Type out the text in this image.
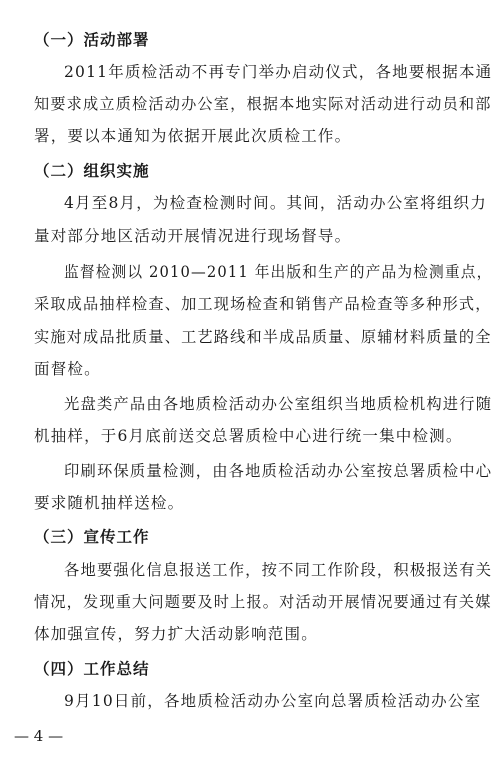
（一）活动部署
2011年质检活动不再专门举办启动仪式，各地要根据本通
知要求成立质检活动办公室，根据本地实际对活动进行动员和部
署，要以本通知为依据开展此次质检工作。
（二）组织实施
4月至8月，为检查检测时间。其间，活动办公室将组织力
量对部分地区活动开展情况进行现场督导。
监督检测以 2010—2011 年出版和生产的产品为检测重点，
采取成品抽样检查、加工现场检查和销售产品检查等多种形式，
实施对成品批质量、工艺路线和半成品质量、原辅材料质量的全
面督检。
光盘类产品由各地质检活动办公室组织当地质检机构进行随
机抽样，于6月底前送交总署质检中心进行统一集中检测。
印刷环保质量检测，由各地质检活动办公室按总署质检中心
要求随机抽样送检。
（三）宣传工作
各地要强化信息报送工作，按不同工作阶段，积极报送有关
情况，发现重大问题要及时上报。对活动开展情况要通过有关媒
体加强宣传，努力扩大活动影响范围。
（四）工作总结
9月10日前，各地质检活动办公室向总署质检活动办公室
— 4 —
